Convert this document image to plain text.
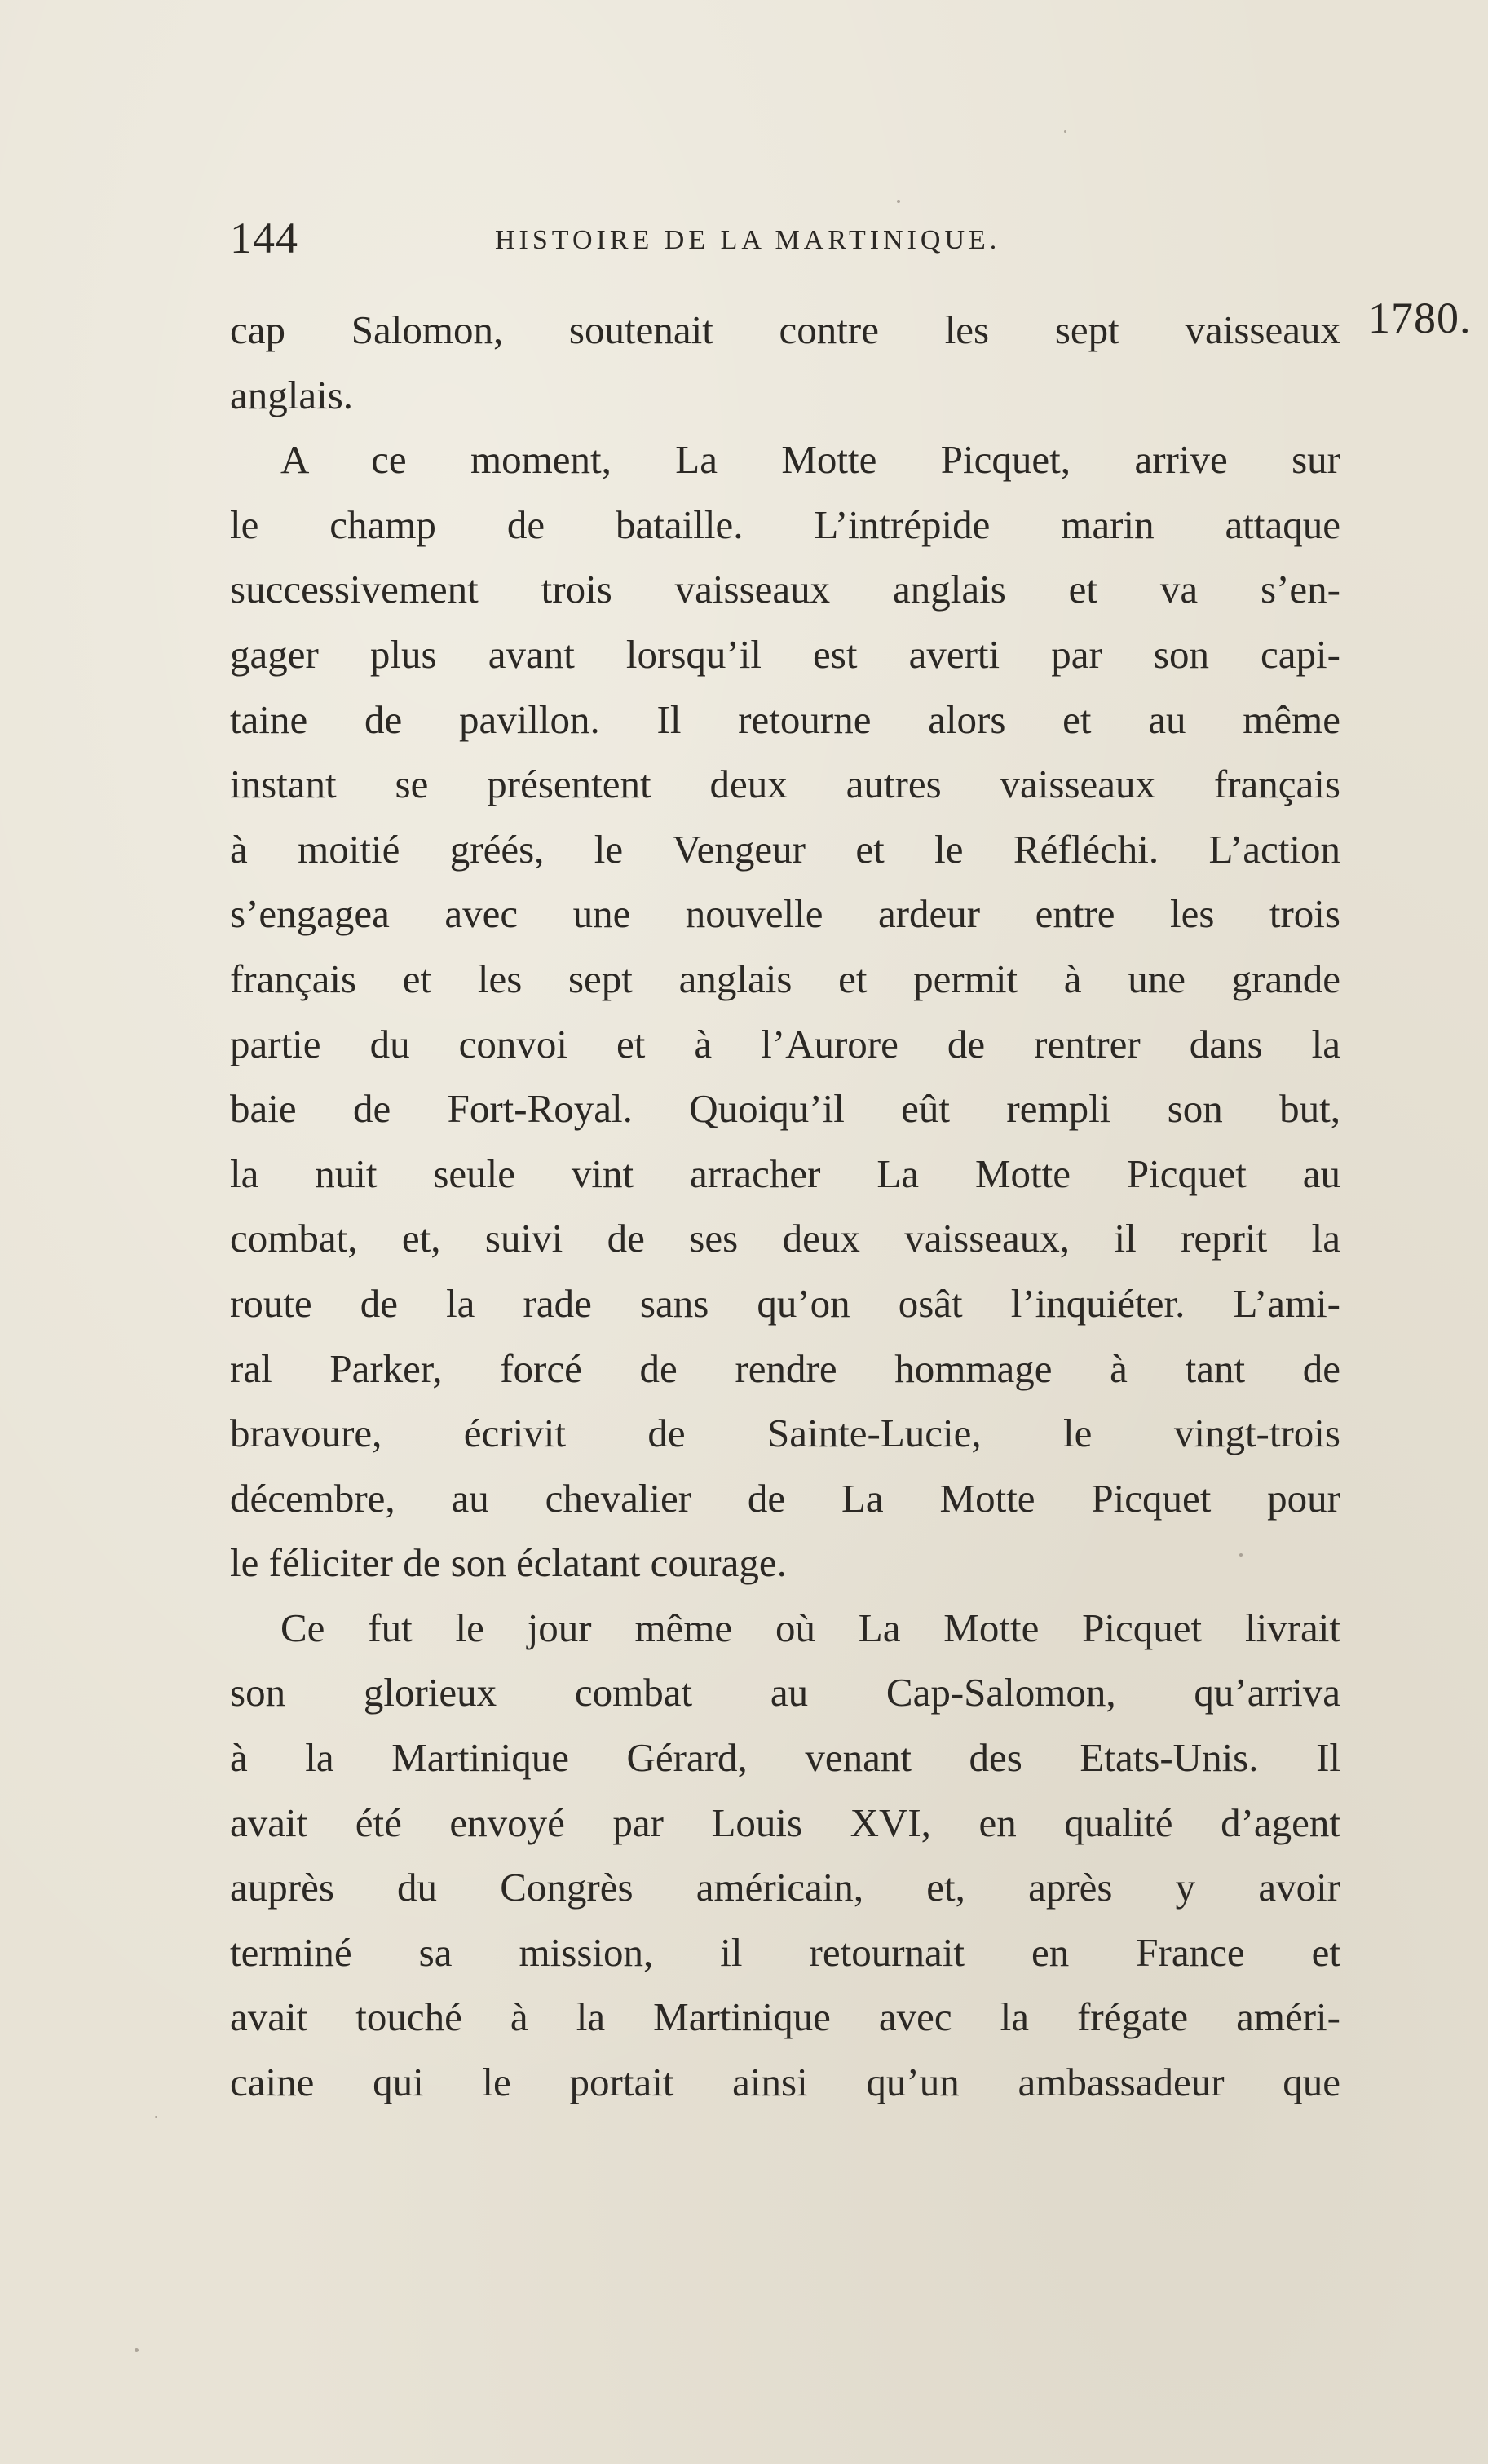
144	HISTOIRE DE LA MARTINIQUE.
1780.
cap Salomon, soutenait contre les sept vaisseaux
anglais.
A ce moment, La Motte Picquet, arrive sur
le champ de bataille. L’intrépide marin attaque
successivement trois vaisseaux anglais et va s’en-
gager plus avant lorsqu’il est averti par son capi-
taine de pavillon. Il retourne alors et au même
instant se présentent deux autres vaisseaux français
à moitié gréés, le Vengeur et le Réfléchi. L’action
s’engagea avec une nouvelle ardeur entre les trois
français et les sept anglais et permit à une grande
partie du convoi et à l’Aurore de rentrer dans la
baie de Fort-Royal. Quoiqu’il eût rempli son but,
la nuit seule vint arracher La Motte Picquet au
combat, et, suivi de ses deux vaisseaux, il reprit la
route de la rade sans qu’on osât l’inquiéter. L’ami-
ral Parker, forcé de rendre hommage à tant de
bravoure, écrivit de Sainte-Lucie, le vingt-trois
décembre, au chevalier de La Motte Picquet pour
le féliciter de son éclatant courage.
Ce fut le jour même où La Motte Picquet livrait
son glorieux combat au Cap-Salomon, qu’arriva
à la Martinique Gérard, venant des Etats-Unis. Il
avait été envoyé par Louis XVI, en qualité d’agent
auprès du Congrès américain, et, après y avoir
terminé sa mission, il retournait en France et
avait touché à la Martinique avec la frégate améri-
caine qui le portait ainsi qu’un ambassadeur que
